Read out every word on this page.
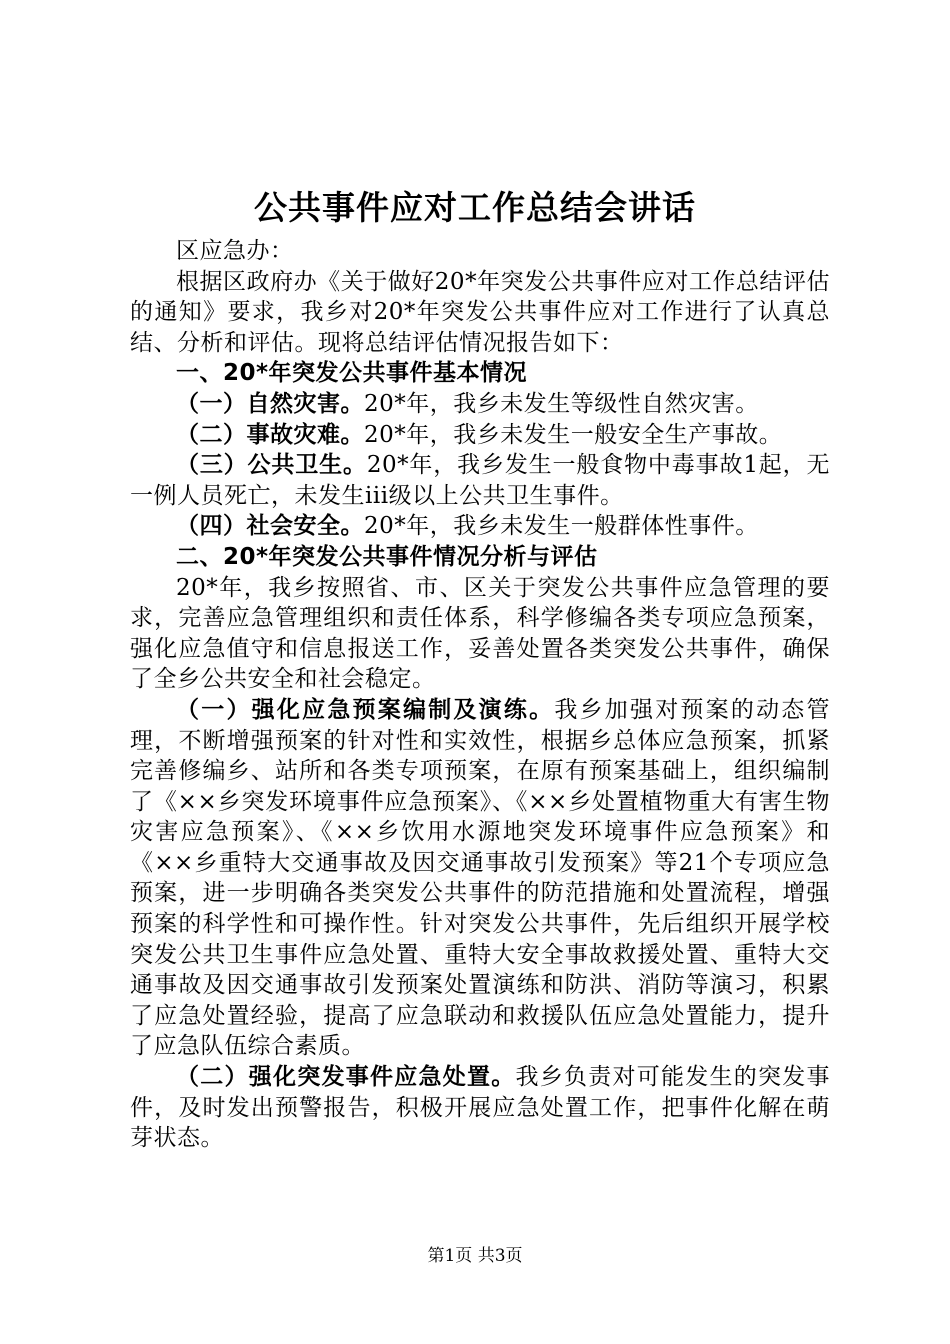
公共事件应对工作总结会讲话

区应急办：

根据区政府办《关于做好20*年突发公共事件应对工作总结评估的通知》要求，我乡对20*年突发公共事件应对工作进行了认真总结、分析和评估。现将总结评估情况报告如下：

一、20*年突发公共事件基本情况

（一）自然灾害。20*年，我乡未发生等级性自然灾害。

（二）事故灾难。20*年，我乡未发生一般安全生产事故。

（三）公共卫生。20*年，我乡发生一般食物中毒事故1起，无一例人员死亡，未发生iii级以上公共卫生事件。

（四）社会安全。20*年，我乡未发生一般群体性事件。

二、20*年突发公共事件情况分析与评估

20*年，我乡按照省、市、区关于突发公共事件应急管理的要求，完善应急管理组织和责任体系，科学修编各类专项应急预案，强化应急值守和信息报送工作，妥善处置各类突发公共事件，确保了全乡公共安全和社会稳定。

（一）强化应急预案编制及演练。我乡加强对预案的动态管理，不断增强预案的针对性和实效性，根据乡总体应急预案，抓紧完善修编乡、站所和各类专项预案，在原有预案基础上，组织编制了《××乡突发环境事件应急预案》、《××乡处置植物重大有害生物灾害应急预案》、《××乡饮用水源地突发环境事件应急预案》和《××乡重特大交通事故及因交通事故引发预案》等21个专项应急预案，进一步明确各类突发公共事件的防范措施和处置流程，增强预案的科学性和可操作性。针对突发公共事件，先后组织开展学校突发公共卫生事件应急处置、重特大安全事故救援处置、重特大交通事故及因交通事故引发预案处置演练和防洪、消防等演习，积累了应急处置经验，提高了应急联动和救援队伍应急处置能力，提升了应急队伍综合素质。

（二）强化突发事件应急处置。我乡负责对可能发生的突发事件，及时发出预警报告，积极开展应急处置工作，把事件化解在萌芽状态。

第1页 共3页
